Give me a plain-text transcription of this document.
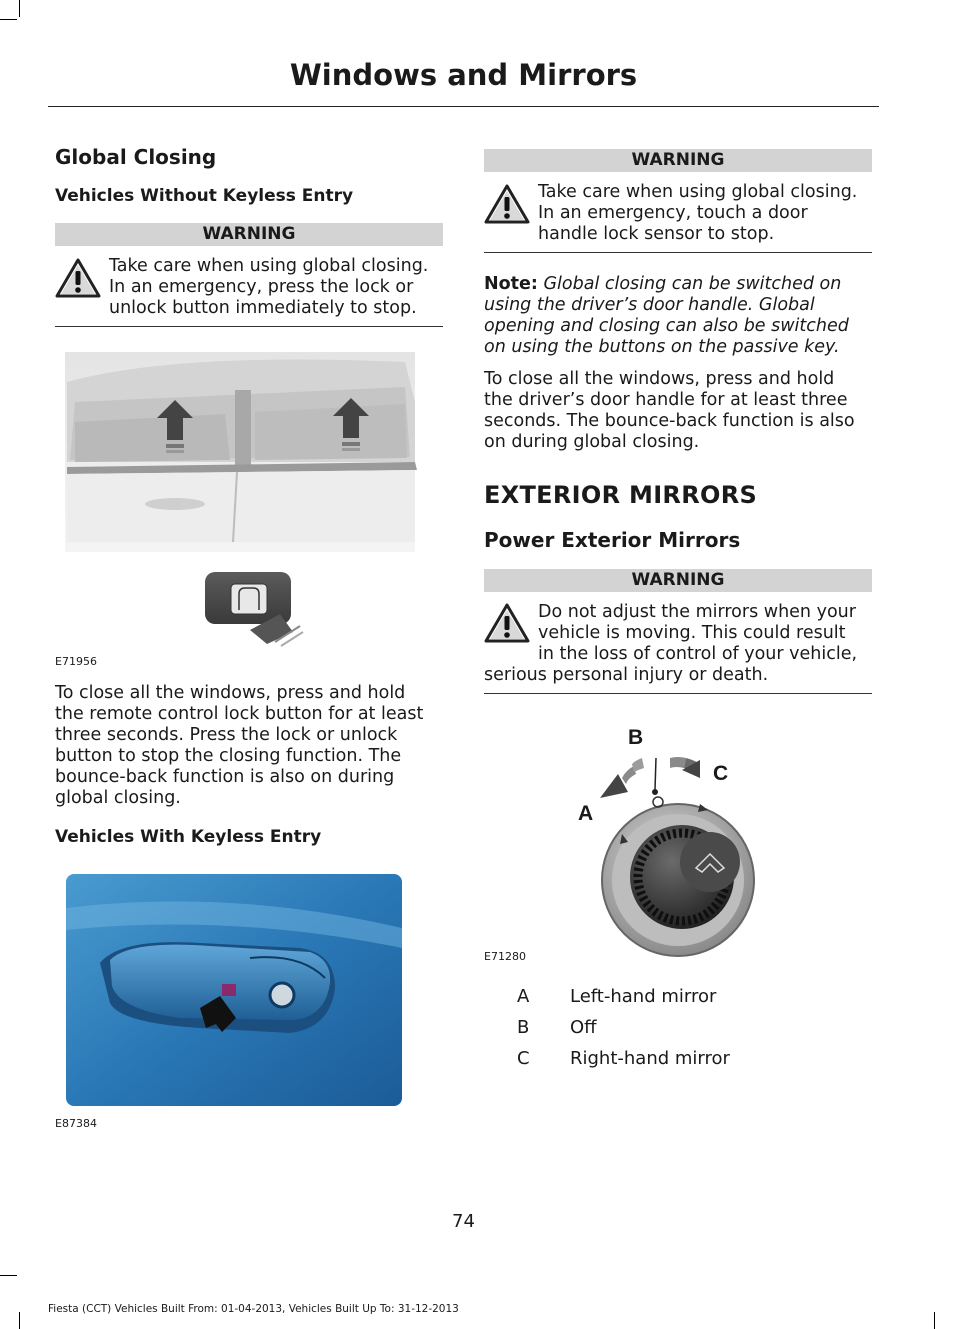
Windows and Mirrors
Global Closing
Vehicles Without Keyless Entry
WARNING
Take care when using global closing.
In an emergency, press the lock or
unlock button immediately to stop.
E71956
To close all the windows, press and hold
the remote control lock button for at least
three seconds. Press the lock or unlock
button to stop the closing function. The
bounce-back function is also on during
global closing.
Vehicles With Keyless Entry
E87384
WARNING
Take care when using global closing.
In an emergency, touch a door
handle lock sensor to stop.
Note: Global closing can be switched on
using the driver’s door handle. Global
opening and closing can also be switched
on using the buttons on the passive key.
To close all the windows, press and hold
the driver’s door handle for at least three
seconds. The bounce-back function is also
on during global closing.
EXTERIOR MIRRORS
Power Exterior Mirrors
WARNING
Do not adjust the mirrors when your
vehicle is moving. This could result
in the loss of control of your vehicle,
serious personal injury or death.
B
C
A
E71280
A	Left-hand mirror
B	Off
C	Right-hand mirror
74
Fiesta (CCT) Vehicles Built From: 01-04-2013, Vehicles Built Up To: 31-12-2013
